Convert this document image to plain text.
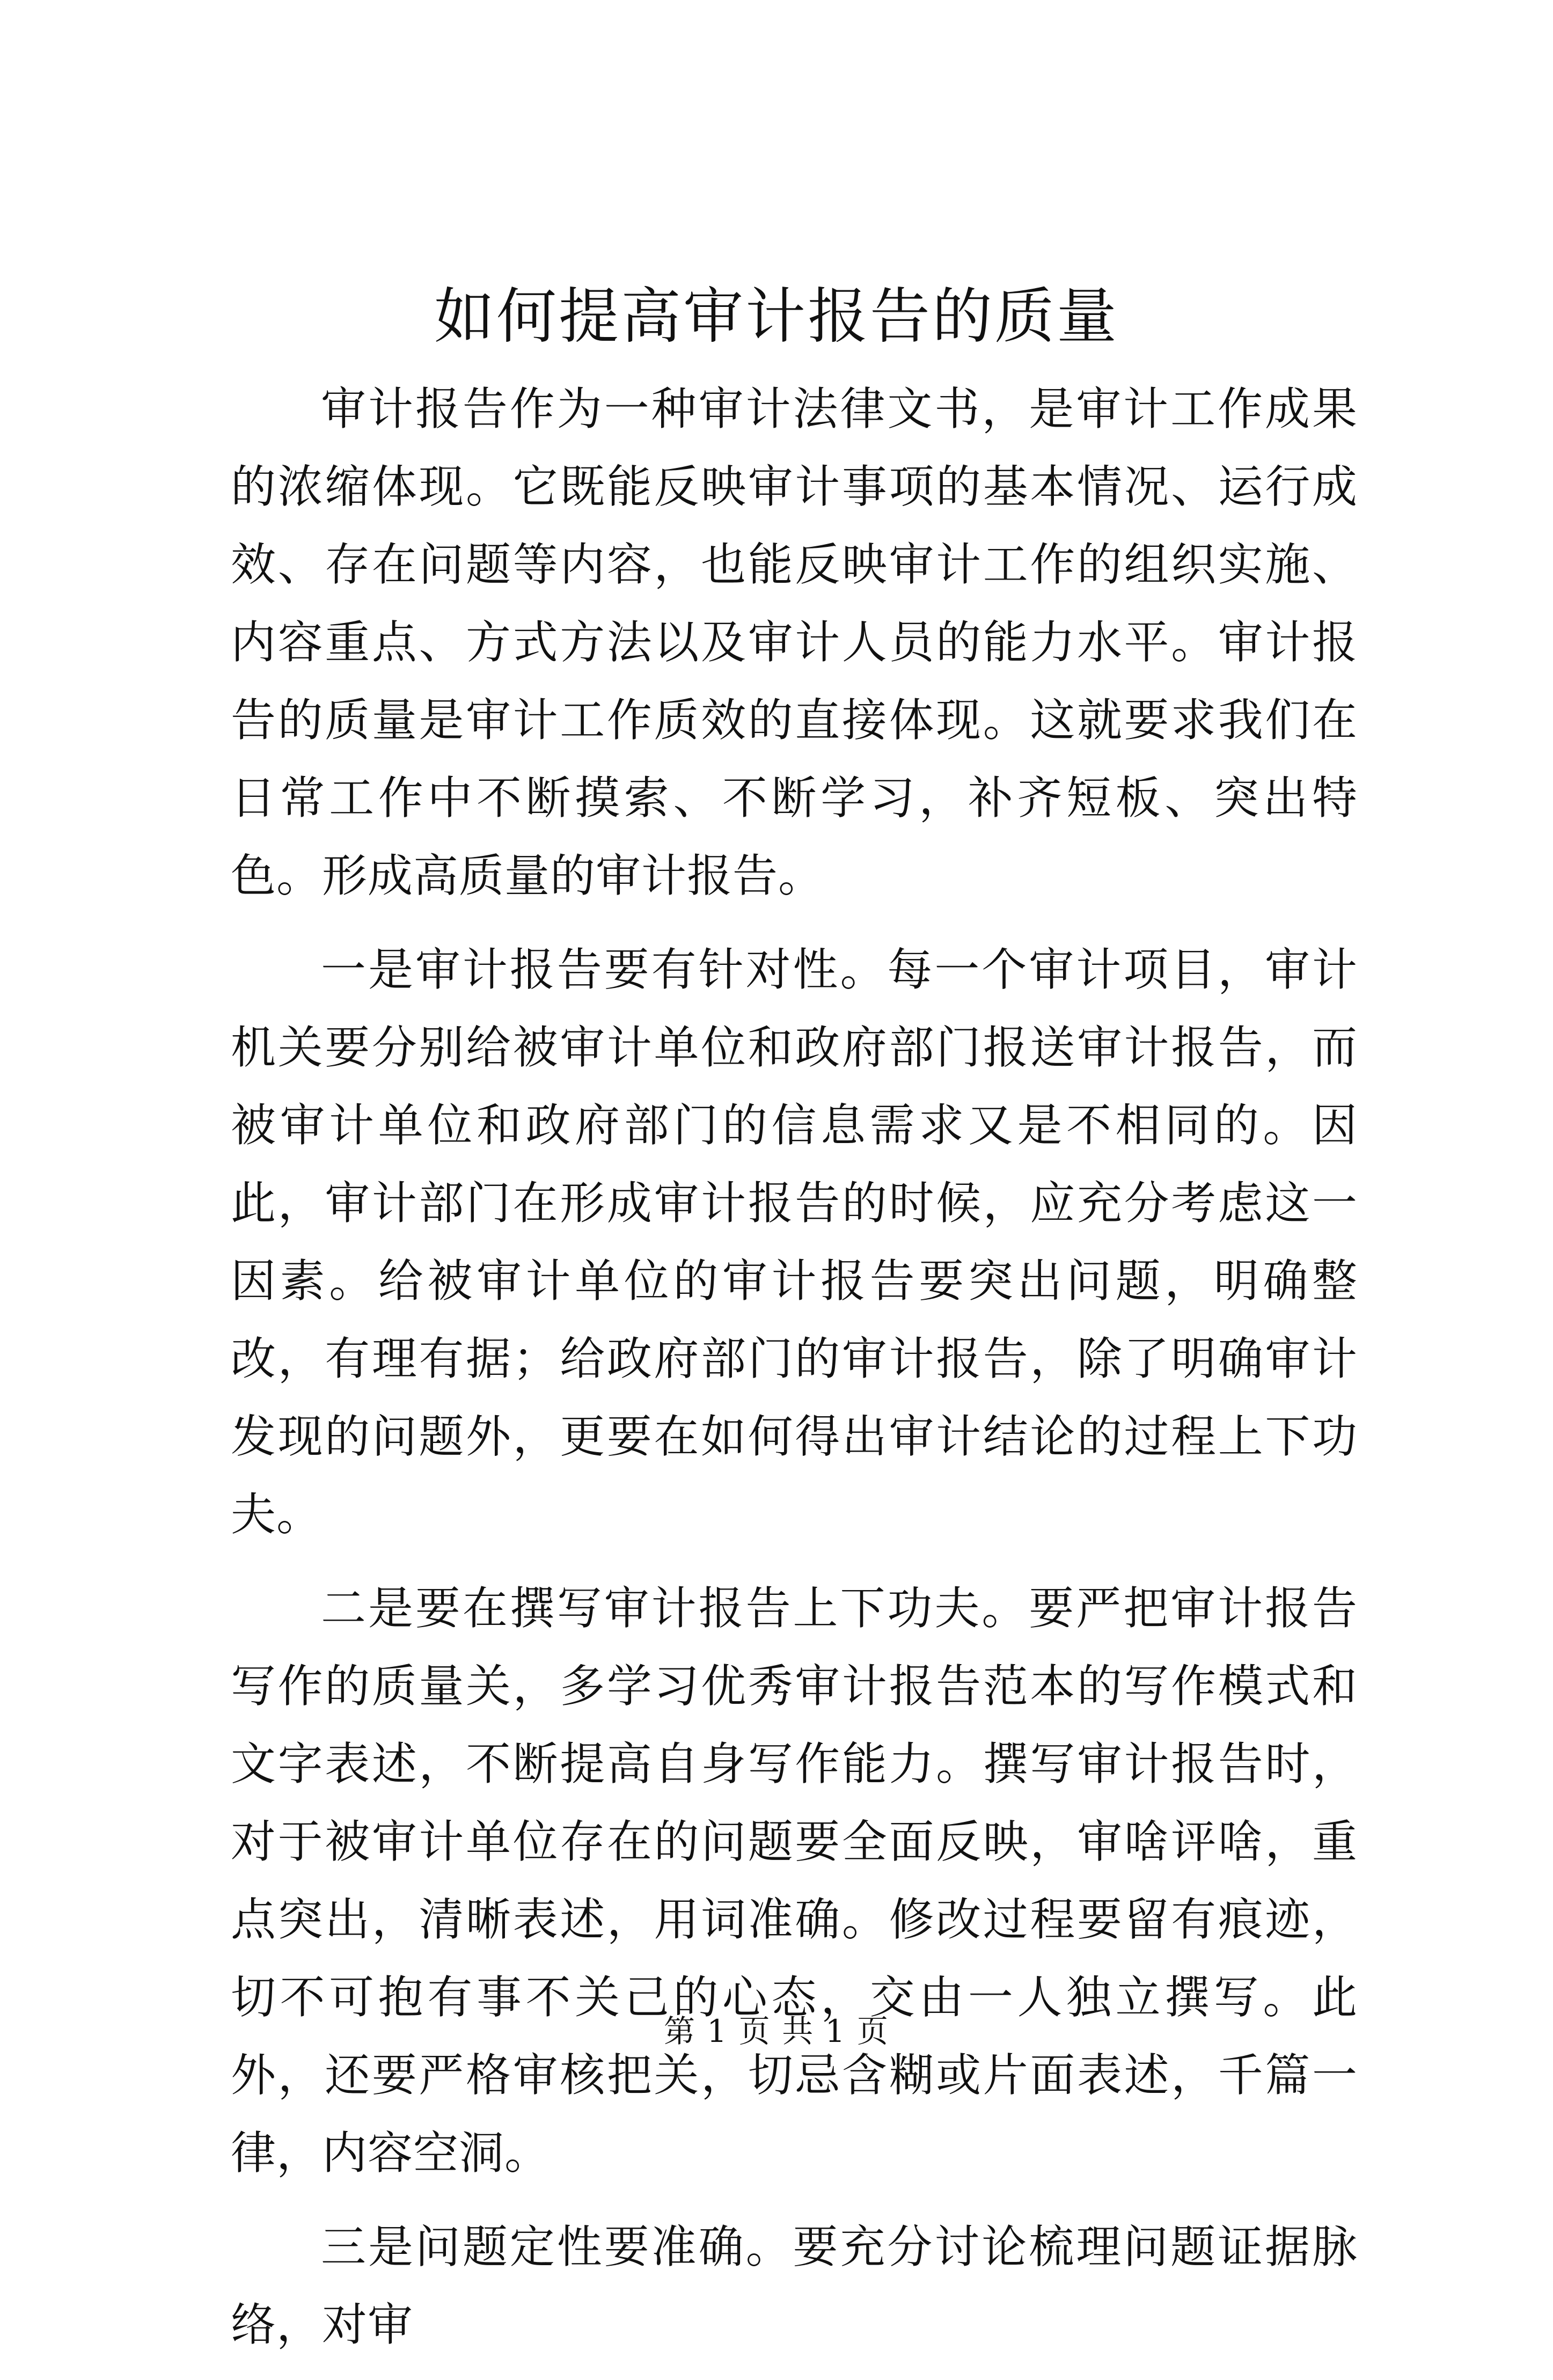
如何提高审计报告的质量

审计报告作为一种审计法律文书，是审计工作成果的浓缩体现。它既能反映审计事项的基本情况、运行成效、存在问题等内容，也能反映审计工作的组织实施、内容重点、方式方法以及审计人员的能力水平。审计报告的质量是审计工作质效的直接体现。这就要求我们在日常工作中不断摸索、不断学习，补齐短板、突出特色。形成高质量的审计报告。

一是审计报告要有针对性。每一个审计项目，审计机关要分别给被审计单位和政府部门报送审计报告，而被审计单位和政府部门的信息需求又是不相同的。因此，审计部门在形成审计报告的时候，应充分考虑这一因素。给被审计单位的审计报告要突出问题，明确整改，有理有据；给政府部门的审计报告，除了明确审计发现的问题外，更要在如何得出审计结论的过程上下功夫。

二是要在撰写审计报告上下功夫。要严把审计报告写作的质量关，多学习优秀审计报告范本的写作模式和文字表述，不断提高自身写作能力。撰写审计报告时，对于被审计单位存在的问题要全面反映，审啥评啥，重点突出，清晰表述，用词准确。修改过程要留有痕迹，切不可抱有事不关己的心态，交由一人独立撰写。此外，还要严格审核把关，切忌含糊或片面表述，千篇一律，内容空洞。

三是问题定性要准确。要充分讨论梳理问题证据脉络，对审

第 1 页 共 1 页
